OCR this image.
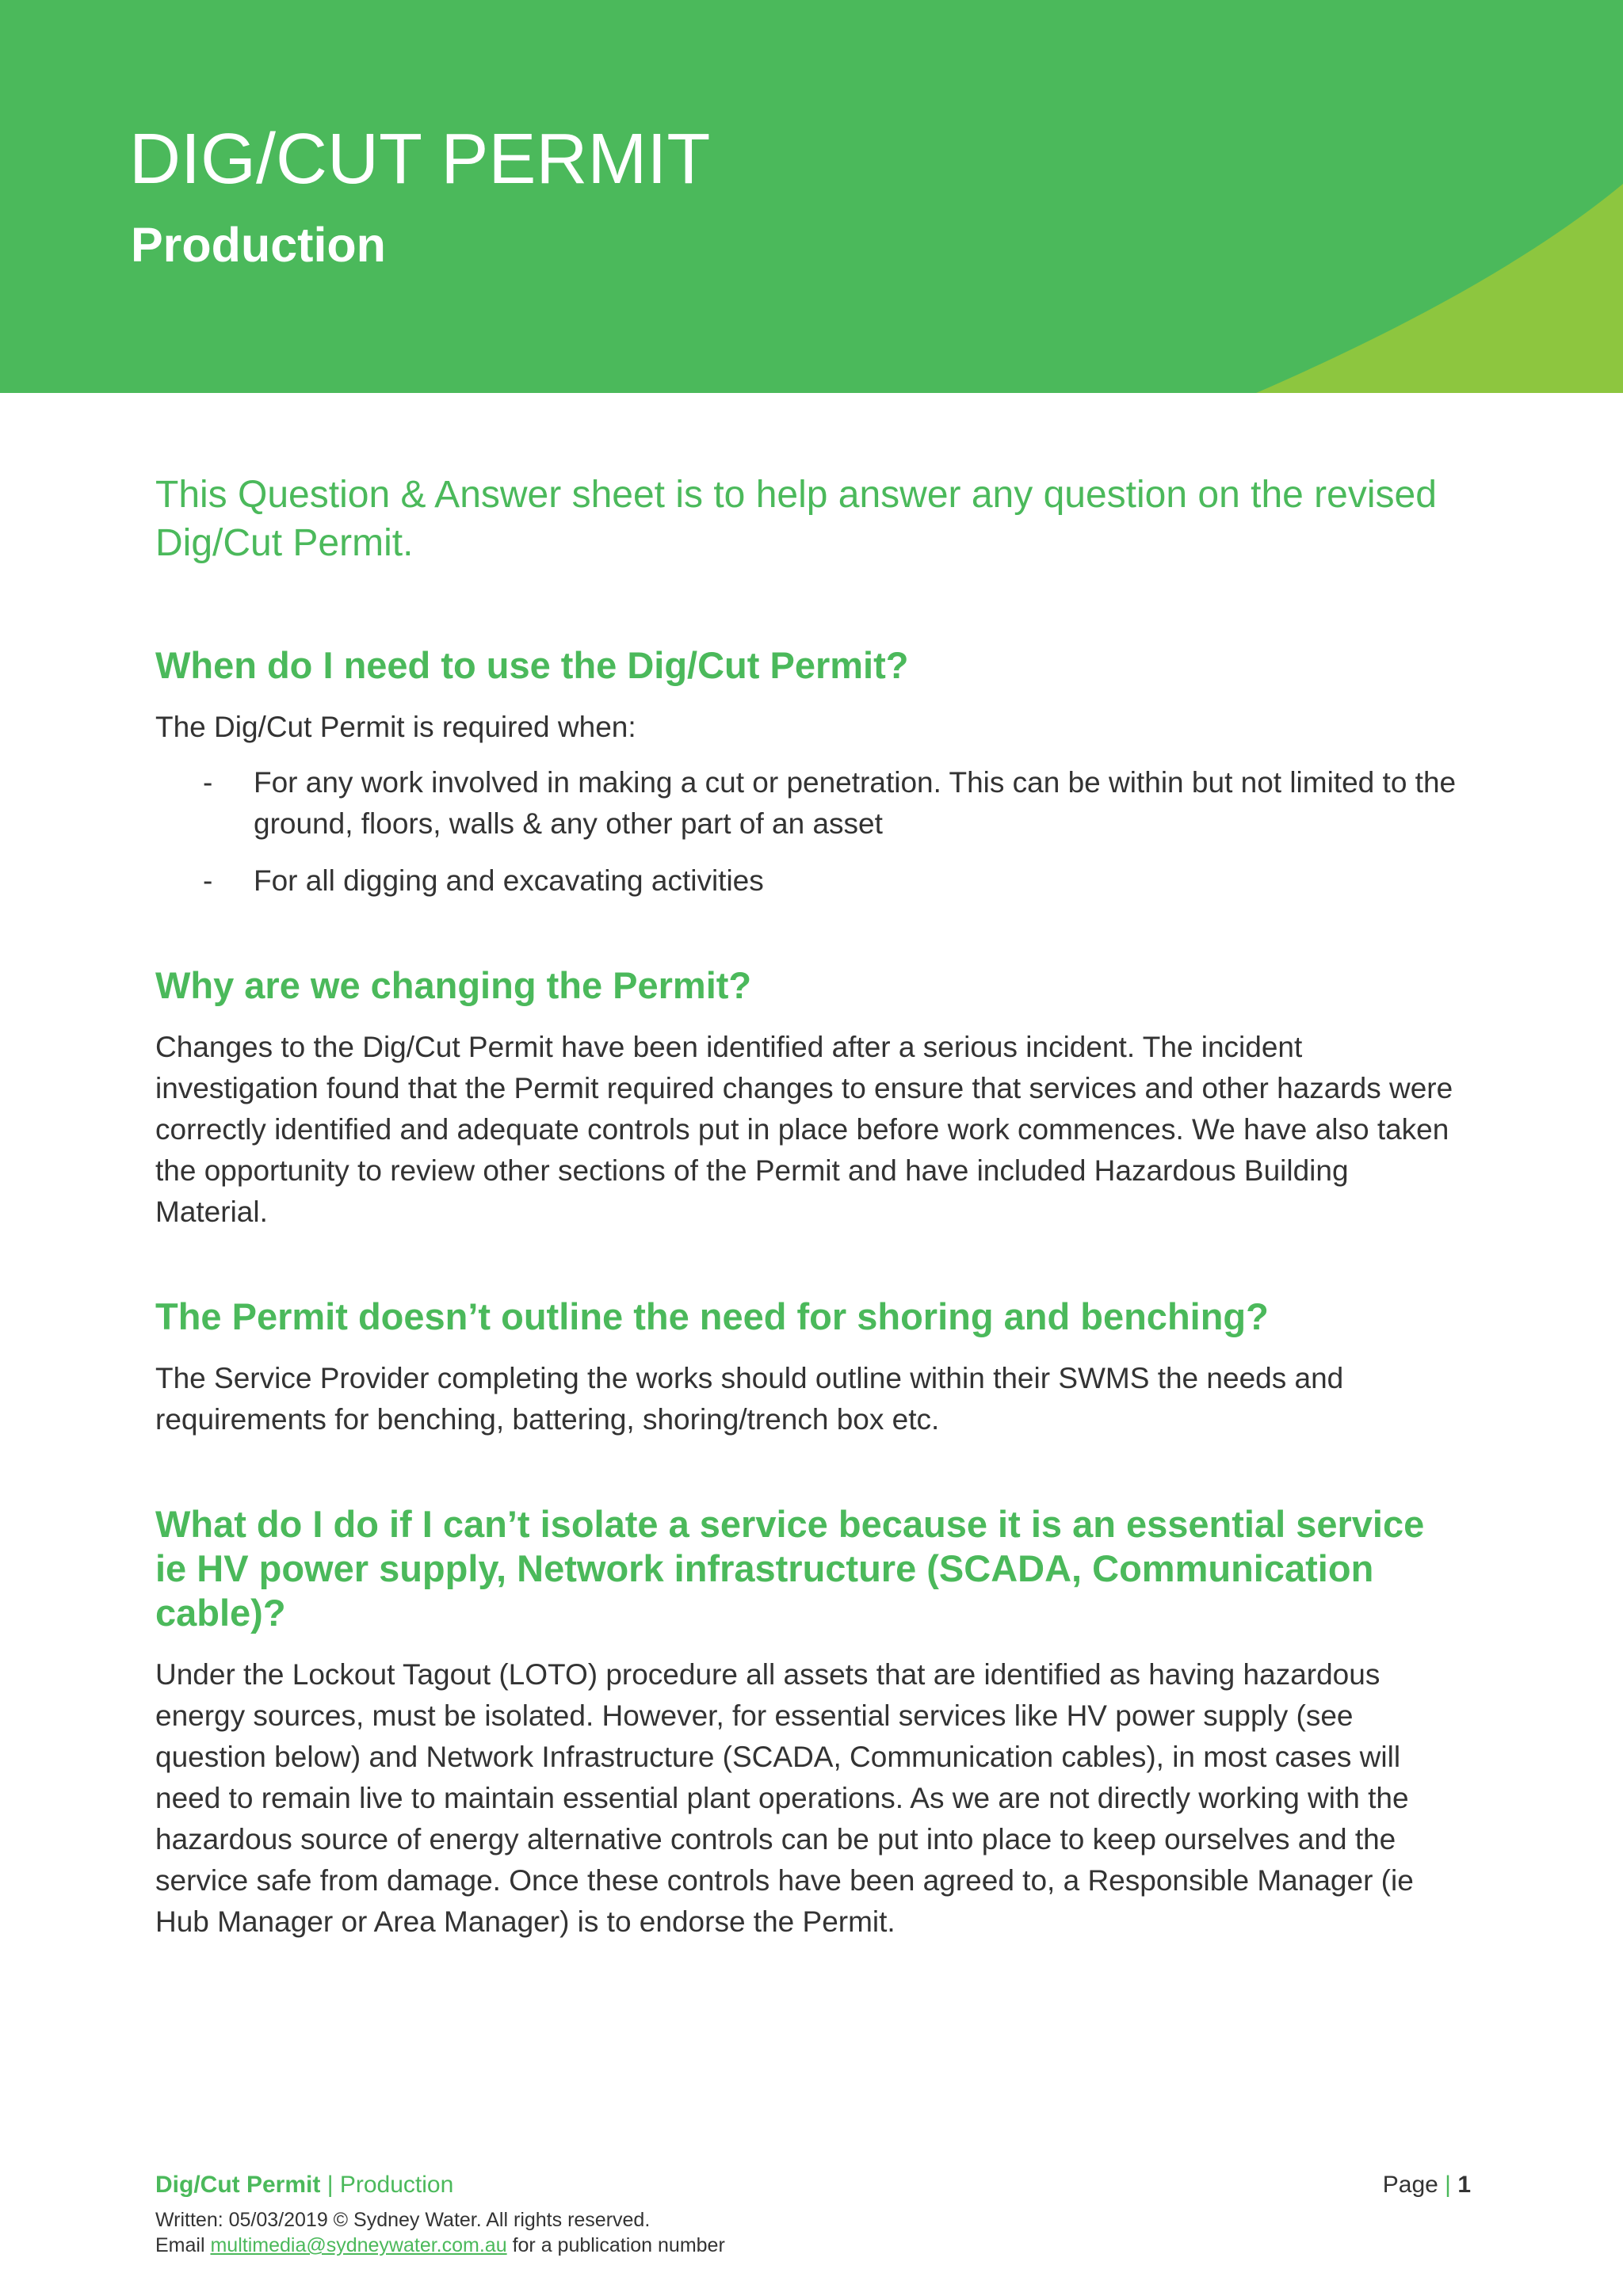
DIG/CUT PERMIT
Production

This Question & Answer sheet is to help answer any question on the revised Dig/Cut Permit.

When do I need to use the Dig/Cut Permit?

The Dig/Cut Permit is required when:

- For any work involved in making a cut or penetration. This can be within but not limited to the ground, floors, walls & any other part of an asset
- For all digging and excavating activities
Why are we changing the Permit?

Changes to the Dig/Cut Permit have been identified after a serious incident. The incident investigation found that the Permit required changes to ensure that services and other hazards were correctly identified and adequate controls put in place before work commences. We have also taken the opportunity to review other sections of the Permit and have included Hazardous Building Material.

The Permit doesn’t outline the need for shoring and benching?

The Service Provider completing the works should outline within their SWMS the needs and requirements for benching, battering, shoring/trench box etc.

What do I do if I can’t isolate a service because it is an essential service ie HV power supply, Network infrastructure (SCADA, Communication cable)?

Under the Lockout Tagout (LOTO) procedure all assets that are identified as having hazardous energy sources, must be isolated. However, for essential services like HV power supply (see question below) and Network Infrastructure (SCADA, Communication cables), in most cases will need to remain live to maintain essential plant operations. As we are not directly working with the hazardous source of energy alternative controls can be put into place to keep ourselves and the service safe from damage. Once these controls have been agreed to, a Responsible Manager (ie Hub Manager or Area Manager) is to endorse the Permit.

Dig/Cut Permit | Production	Page | 1
Written: 05/03/2019 © Sydney Water. All rights reserved.
Email multimedia@sydneywater.com.au for a publication number
